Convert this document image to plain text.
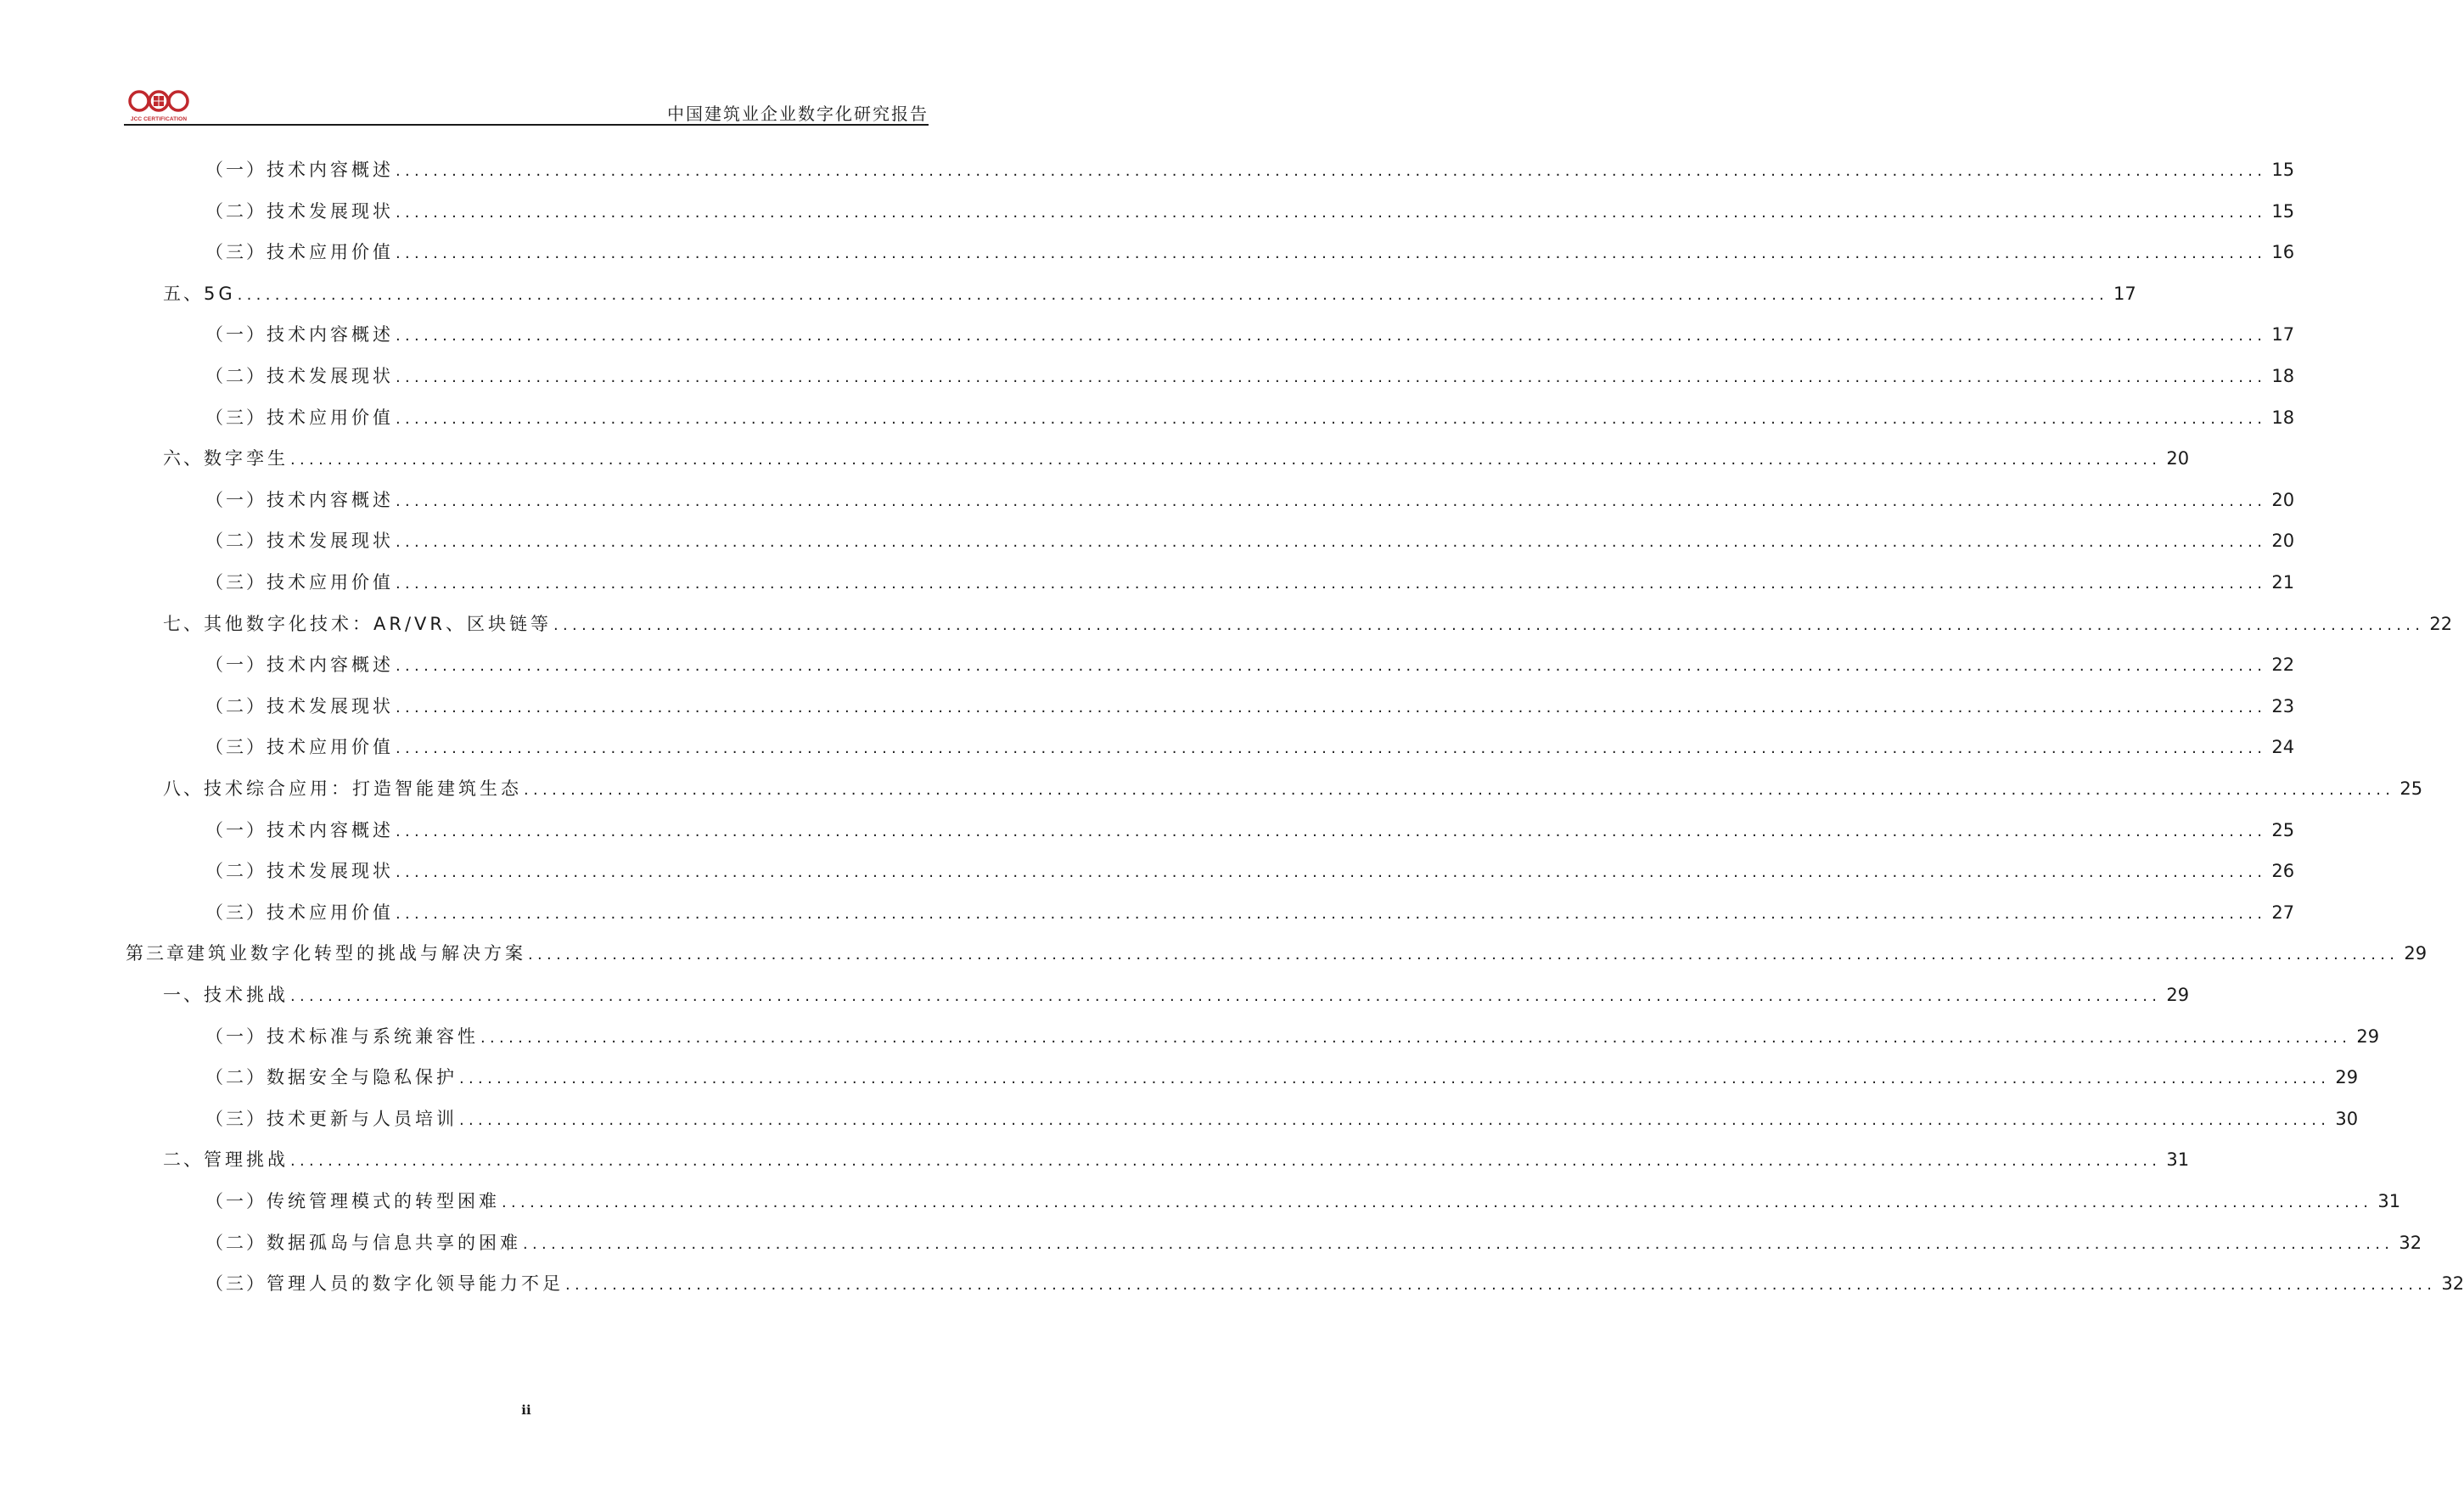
JCC CERTIFICATION	中国建筑业企业数字化研究报告
（一） 技术内容概述 ........................................................................................................................................................................................................ 15
（二） 技术发展现状 ........................................................................................................................................................................................................ 15
（三） 技术应用价值 ........................................................................................................................................................................................................ 16
五、 5G ........................................................................................................................................................................................................ 17
（一） 技术内容概述 ........................................................................................................................................................................................................ 17
（二） 技术发展现状 ........................................................................................................................................................................................................ 18
（三） 技术应用价值 ........................................................................................................................................................................................................ 18
六、 数字孪生 ........................................................................................................................................................................................................ 20
（一） 技术内容概述 ........................................................................................................................................................................................................ 20
（二） 技术发展现状 ........................................................................................................................................................................................................ 20
（三） 技术应用价值 ........................................................................................................................................................................................................ 21
七、 其他数字化技术：AR/VR、区块链等 ........................................................................................................................................................................................................ 22
（一） 技术内容概述 ........................................................................................................................................................................................................ 22
（二） 技术发展现状 ........................................................................................................................................................................................................ 23
（三） 技术应用价值 ........................................................................................................................................................................................................ 24
八、 技术综合应用：打造智能建筑生态 ........................................................................................................................................................................................................ 25
（一） 技术内容概述 ........................................................................................................................................................................................................ 25
（二） 技术发展现状 ........................................................................................................................................................................................................ 26
（三） 技术应用价值 ........................................................................................................................................................................................................ 27
第三章 建筑业数字化转型的挑战与解决方案 ........................................................................................................................................................................................................ 29
一、 技术挑战 ........................................................................................................................................................................................................ 29
（一） 技术标准与系统兼容性 ........................................................................................................................................................................................................ 29
（二） 数据安全与隐私保护 ........................................................................................................................................................................................................ 29
（三） 技术更新与人员培训 ........................................................................................................................................................................................................ 30
二、 管理挑战 ........................................................................................................................................................................................................ 31
（一） 传统管理模式的转型困难 ........................................................................................................................................................................................................ 31
（二） 数据孤岛与信息共享的困难 ........................................................................................................................................................................................................ 32
（三） 管理人员的数字化领导能力不足 ........................................................................................................................................................................................................ 32
ii
